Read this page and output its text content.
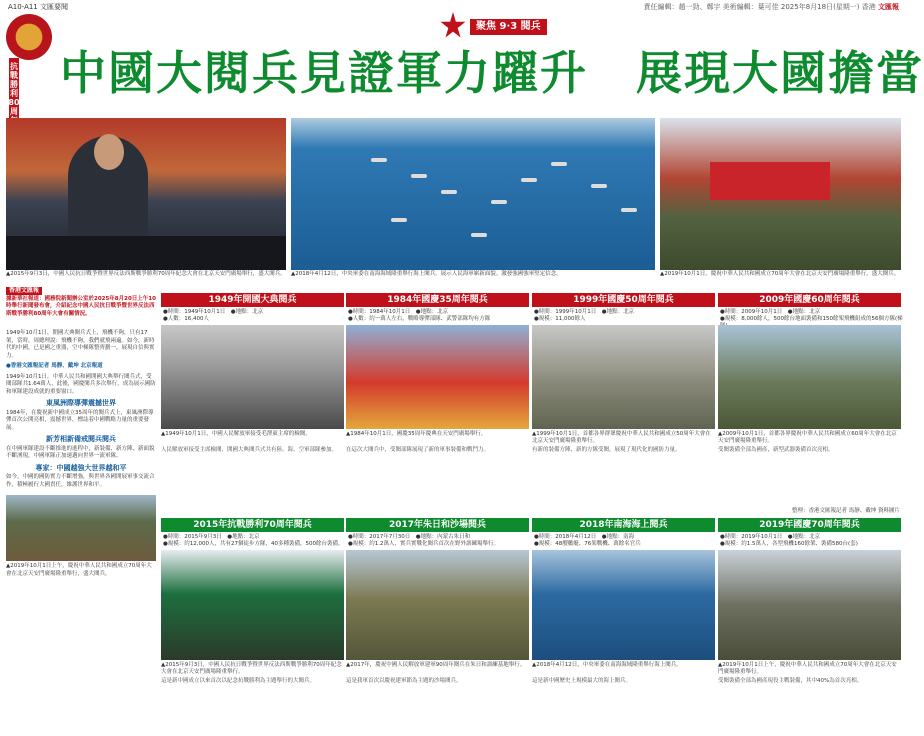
A10-A11 文匯要聞	責任編輯：趙一勁、鄭宇 美術編輯：葉可佳 2025年8月18日(星期一) 香港 文匯報
聚焦 9·3 閱兵
抗戰勝利80周
中國大閱兵見證軍力躍升　展現大國擔當
▲2015年9月3日，中國人民抗日戰爭暨世界反法西斯戰爭勝利70周年紀念大會在北京天安門廣場舉行，盛大閱兵。 ▲2018年4月12日，中央軍委在南海海域隆重舉行海上閱兵。展示人民海軍嶄新面貌。激發強國強軍堅定信念。	▲2019年10月1日，慶祝中華人民共和國成立70周年大會在北京天安門廣場隆重舉行，盛大閱兵。
香港文匯報

據新華社報道：國務院新聞辦公室於2025年8月20日上午10時舉行新聞發布會，介紹紀念中國人民抗日戰爭暨世界反法西斯戰爭勝利80周年大會有關情況。

1949年10月1日，開國大典閱兵式上，飛機不夠，只有17架，當時，周總理說：飛機不夠，我們就飛兩遍。如今，新時代的中國，已是國之重器，空中梯隊整齊劃一，展現自信與實力。

●香港文匯報記者 馬靜、戴坤 北京報道

1949年10月1日，中華人民共和國開國大典舉行閱兵式，受閱部隊共1.64萬人，此後，國慶閱兵多次舉行，成為展示國防和軍隊建設成就的重要窗口。

東風洲際導彈震撼世界

1984年，在慶祝新中國成立35周年的閱兵式上，東風洲際導彈首次公開亮相，震撼世界，標誌着中國戰略力量的重要發展。

新芳相新備戒閱兵閱兵

在中國軍隊建設不斷推進的進程中，新裝備、新方陣、新面貌不斷湧現，中國軍隊正加速邁向世界一流軍隊。

專家：中國越強大世界越和平

如今，中國的國防實力不斷增強，與世界各國開展軍事交流合作，積極履行大國責任，維護世界和平。

▲2019年10月1日上午，慶祝中華人民共和國成立70周年大會在北京天安門廣場隆重舉行，盛大閱兵。

1949年開國大典閱兵
●時間：1949年10月1日　●地點：北京
●人數：16,400人
▲1949年10月1日，中國人民解放軍接受毛澤東主席的檢閱。
人民解放軍接受主席檢閱，開國大典閱兵式共有陸、海、空軍部隊參加。
1984年國慶35周年閱兵
●時間：1984年10月1日　●地點：北京
●人數：約一萬人左右，戰略導彈部隊、武警部隊均有方隊
▲1984年10月1日，國慶35周年慶典在天安門廣場舉行。
在這次大閱兵中，受閱部隊展現了新的軍事裝備和戰鬥力。
1999年國慶50周年閱兵
●時間：1999年10月1日　●地點：北京
●規模：11,000餘人
▲1999年10月1日，首都各界群眾慶祝中華人民共和國成立50周年大會在北京天安門廣場隆重舉行。
有新的裝備方陣、新的方隊受閱，展現了現代化的國防力量。
2009年國慶60周年閱兵
●時間：2009年10月1日　●地點：北京
●規模：8,000餘人，500餘台地面裝備和150餘架飛機組成的56個方隊(梯
▲2009年10月1日，首都各界慶祝中華人民共和國成立60周年大會在北京天安門廣場隆重舉行。
受閱裝備全部為國產，新型武器裝備首次亮相。
2015年抗戰勝利70周年閱兵
●時間：2015年9月3日　●地點：北京
●規模：約12,000人，共有27個徒步方隊，40多種裝備，500餘台裝備。
▲2015年9月3日，中國人民抗日戰爭暨世界反法西斯戰爭勝利70周年紀念大會在北京天安門廣場隆重舉行。
這是新中國成立以來首次以紀念抗戰勝利為主題舉行的大閱兵。
2017年朱日和沙場閱兵
●時間：2017年7月30日　●地點：內蒙古朱日和
●規模：約1.2萬人，實兵實戰化閱兵首次在野外訓練場舉行。
▲2017年，慶祝中國人民解放軍建軍90周年閱兵在朱日和訓練基地舉行。
這是我軍首次以慶祝建軍節為主題的沙場閱兵。
2018年南海海上閱兵
●時間：2018年4月12日　●地點：南海
●規模：48艘艦艇、76架戰機、萬餘名官兵
▲2018年4月12日，中央軍委在南海海域隆重舉行海上閱兵。
這是新中國歷史上規模最大的海上閱兵。
2019年國慶70周年閱兵
●時間：2019年10月1日　●地點：北京
●規模：約1.5萬人，各型飛機160餘架、裝備580台(套)
▲2019年10月1日上午，慶祝中華人民共和國成立70周年大會在北京天安門廣場隆重舉行。
受閱裝備全部為國產現役主戰裝備，其中40%為首次亮相。
整理：香港文匯報記者 馬靜、戴坤 資料圖片
